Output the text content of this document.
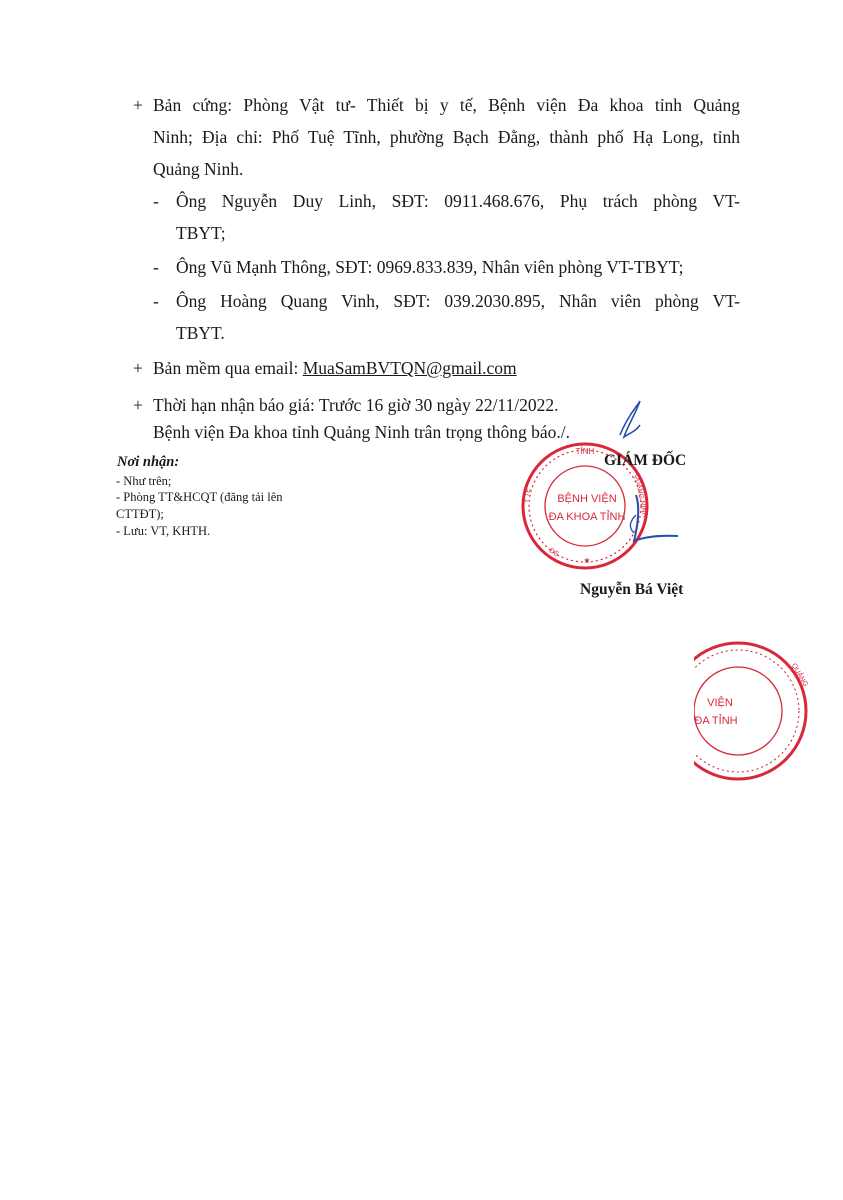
+ Bản cứng: Phòng Vật tư- Thiết bị y tế, Bệnh viện Đa khoa tỉnh Quảng
Ninh; Địa chỉ: Phố Tuệ Tĩnh, phường Bạch Đằng, thành phố Hạ Long, tỉnh
Quảng Ninh.
- Ông Nguyễn Duy Linh, SĐT: 0911.468.676, Phụ trách phòng VT-
TBYT;
- Ông Vũ Mạnh Thông, SĐT: 0969.833.839, Nhân viên phòng VT-TBYT;
- Ông Hoàng Quang Vinh, SĐT: 039.2030.895, Nhân viên phòng VT-
TBYT.
+ Bản mềm qua email: MuaSamBVTQN@gmail.com
+ Thời hạn nhận báo giá: Trước 16 giờ 30 ngày 22/11/2022.
Bệnh viện Đa khoa tỉnh Quảng Ninh trân trọng thông báo./.
Nơi nhận:
- Như trên;
- Phòng TT&HCQT (đăng tải lên
CTTĐT);
- Lưu: VT, KHTH.
TỈNH
QUẢNG NINH
Y TẾ
ĐS
★
BỆNH VIỆN
ĐA KHOA TỈNH
GIÁM ĐỐC
Nguyễn Bá Việt
QUẢNG
VIỆN
ĐA TỈNH
